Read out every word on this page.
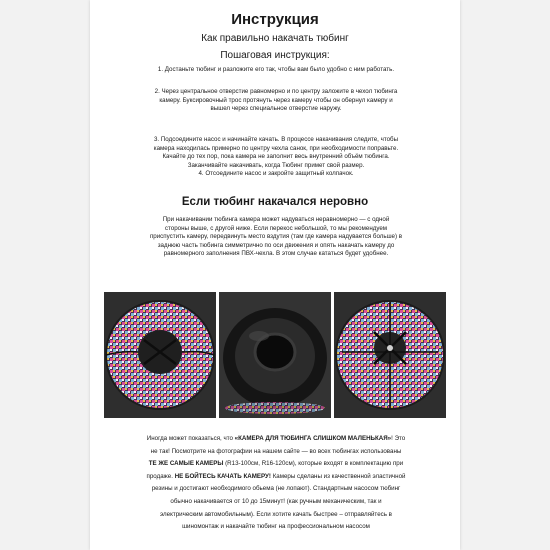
Инструкция
Как правильно накачать тюбинг
Пошаговая инструкция:
1. Достаньте тюбинг и разложите его так, чтобы вам было удобно с ним работать.
2. Через центральное отверстие равномерно и по центру заложите в чехол тюбинга
камеру. Буксировочный трос протянуть через камеру чтобы он обернул камеру и
вышел через специальное отверстие наружу.
3. Подсоедините насос и начинайте качать. В процессе накачивания следите, чтобы
камера находилась примерно по центру чехла санок, при необходимости поправьте.
Качайте до тех пор, пока камера не заполнит весь внутренний объём тюбинга.
Заканчивайте накачивать, когда Тюбинг примет свой размер.
4. Отсоедините насос и закройте защитный колпачок.
Если тюбинг накачался неровно
При накачивании тюбинга камера может надуваться неравномерно — с одной
стороны выше, с другой ниже. Если перекос небольшой, то мы рекомендуем
приспустить камеру, передвинуть место вздутия (там где камера надувается больше) в
заднюю часть тюбинга симметрично по оси движения и опять накачать камеру до
равномерного заполнения ПВХ-чехла. В этом случае кататься будет удобнее.
Иногда может показаться, что «КАМЕРА ДЛЯ ТЮБИНГА СЛИШКОМ МАЛЕНЬКАЯ»! Это
не так! Посмотрите на фотографии на нашем сайте — во всех тюбингах использованы
ТЕ ЖЕ САМЫЕ КАМЕРЫ (R13-100см, R16-120см), которые входят в комплектацию при
продаже. НЕ БОЙТЕСЬ КАЧАТЬ КАМЕРУ! Камеры сделаны из качественной эластичной
резины и достигают необходимого обьема (не лопают). Стандартным насосом тюбинг
обычно накачивается от 10 до 15минут! (как ручным механическим, так и
электрическим автомобильным). Если хотите качать быстрее – отправляйтесь в
шиномонтаж и накачайте тюбинг на профессиональном насосом
